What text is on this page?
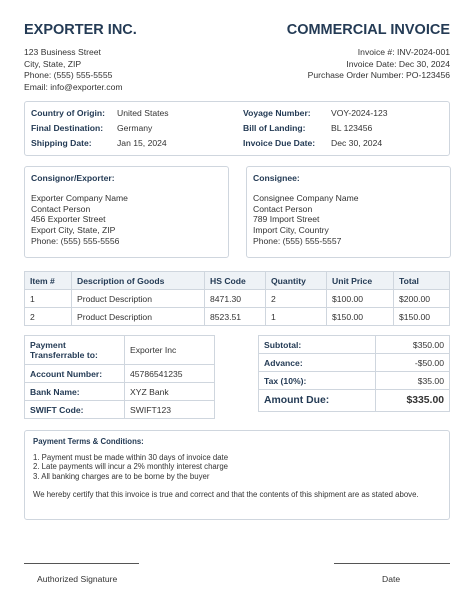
EXPORTER INC.	COMMERCIAL INVOICE
123 Business Street
City, State, ZIP
Phone: (555) 555-5555
Email: info@exporter.com
Invoice #: INV-2024-001
Invoice Date: Dec 30, 2024
Purchase Order Number: PO-123456
Country of Origin: United States
Final Destination: Germany
Shipping Date:	Jan 15, 2024
Voyage Number: VOY-2024-123
Bill of Landing:	BL 123456
Invoice Due Date: Dec 30, 2024
Consignor/Exporter:
Exporter Company Name
Contact Person
456 Exporter Street
Export City, State, ZIP
Phone: (555) 555-5556
Consignee:
Consignee Company Name
Contact Person
789 Import Street
Import City, Country
Phone: (555) 555-5557
Item #	Description of Goods	HS Code	Quantity	Unit Price	Total
1	Product Description	8471.30	2	$100.00	$200.00
2	Product Description	8523.51	1	$150.00	$150.00
Payment Transferrable to:	Exporter Inc
Account Number:	45786541235
Bank Name:	XYZ Bank
SWIFT Code:	SWIFT123
Subtotal:	$350.00
Advance:	-$50.00
Tax (10%):	$35.00
Amount Due:	$335.00
Payment Terms & Conditions:
1. Payment must be made within 30 days of invoice date
2. Late payments will incur a 2% monthly interest charge
3. All banking charges are to be borne by the buyer
We hereby certify that this invoice is true and correct and that the contents of this shipment are as stated above.
Authorized Signature	Date
